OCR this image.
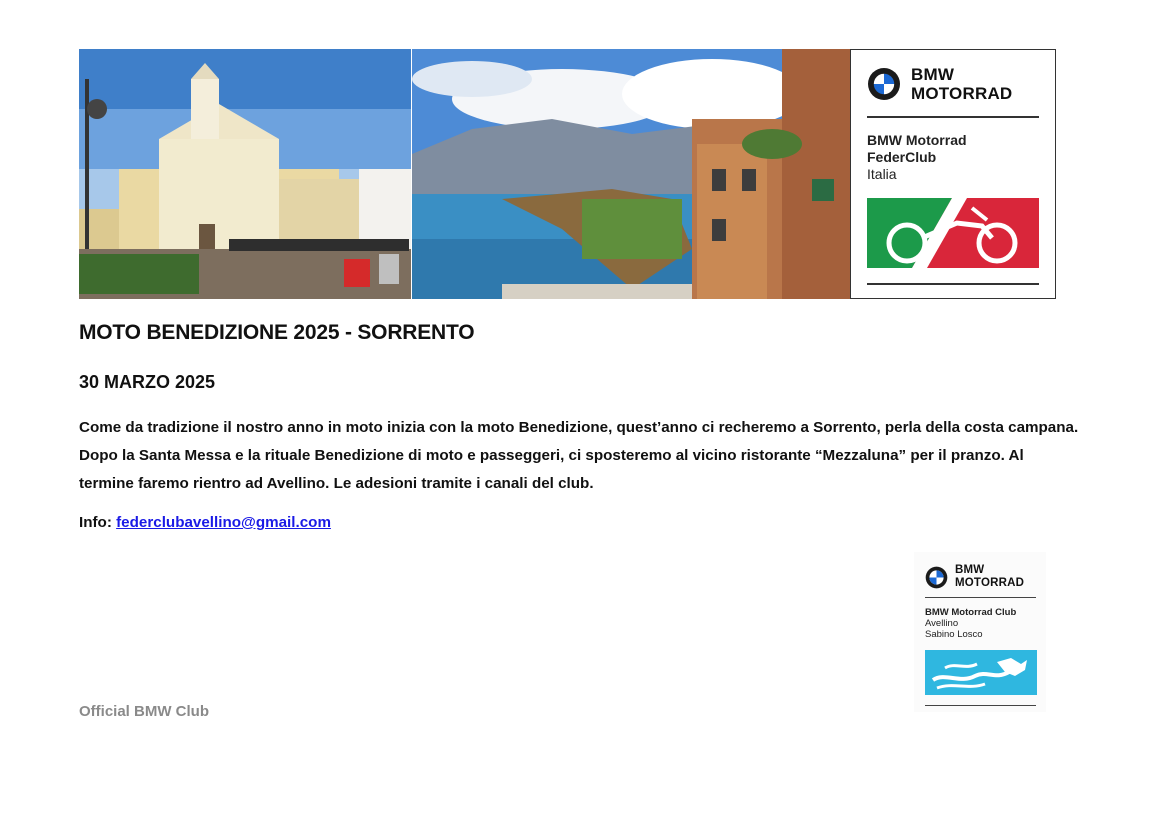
BMW
MOTORRAD
BMW Motorrad
FederClub
Italia
MOTO BENEDIZIONE 2025 - SORRENTO
30 MARZO 2025

Come da tradizione il nostro anno in moto inizia con la moto Benedizione, quest’anno ci recheremo a Sorrento, perla della costa campana. Dopo la Santa Messa e la rituale Benedizione di moto e passeggeri, ci sposteremo al vicino ristorante “Mezzaluna” per il pranzo. Al termine faremo rientro ad Avellino. Le adesioni tramite i canali del club.

Info: federclubavellino@gmail.com

BMW
MOTORRAD
BMW Motorrad Club
Avellino
Sabino Losco

Official BMW Club
